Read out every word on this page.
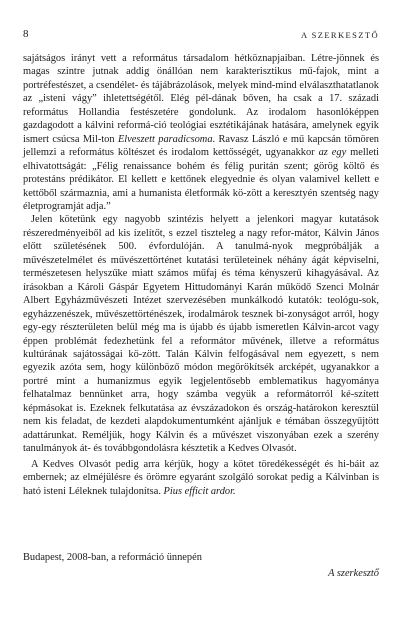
8	A SZERKESZTŐ

sajátságos irányt vett a református társadalom hétköznapjaiban. Létre-jönnek és magas szintre jutnak addig önállóan nem karakterisztikus mű-fajok, mint a portréfestészet, a csendélet- és tájábrázolások, melyek mind-mind elválaszthatatlanok az „isteni vágy” ihletettségétől. Elég pél-dának bőven, ha csak a 17. századi református Hollandia festészetére gondolunk. Az irodalom hasonlóképpen gazdagodott a kálvini reformá-ció teológiai esztétikájának hatására, amelynek egyik ismert csúcsa Mil-ton Elveszett paradicsoma. Ravasz László e mű kapcsán tömören jellemzi a református költészet és irodalom kettősségét, ugyanakkor az egy melleti elhivatottságát: „Félig renaissance bohém és félig puritán szent; görög költő és protestáns prédikátor. El kellett e kettőnek elegyednie és olyan valamivel kellett e kettőből származnia, ami a humanista életformák kö-zött a keresztyén szentség nagy életprogramját adja.”

Jelen kötetünk egy nagyobb szintézis helyett a jelenkori magyar kutatások részeredményeiből ad kis ízelítőt, s ezzel tiszteleg a nagy refor-mátor, Kálvin János előtt születésének 500. évfordulóján. A tanulmá-nyok megpróbálják a művészetelmélet és művészettörténet kutatási területeinek néhány ágát képviselni, természetesen helyszűke miatt számos műfaj és téma kényszerű kihagyásával. Az írásokban a Károli Gáspár Egyetem Hittudományi Karán működő Szenci Molnár Albert Egyházművészeti Intézet szervezésében munkálkodó kutatók: teológu-sok, egyházzenészek, művészettörténészek, irodalmárok tesznek bi-zonyságot arról, hogy egy-egy részterületen belül még ma is újabb és újabb ismeretlen Kálvin-arcot vagy éppen problémát fedezhetünk fel a reformátor művének, illetve a református kultúrának sajátosságai kö-zött. Talán Kálvin felfogásával nem egyezett, s nem egyezik azóta sem, hogy különböző módon megörökítsék arcképét, ugyanakkor a portré mint a humanizmus egyik legjelentősebb emblematikus hagyománya felhatalmaz bennünket arra, hogy számba vegyük a reformátorról ké-szített képmásokat is. Ezeknek felkutatása az évszázadokon és ország-határokon keresztül nem kis feladat, de kezdeti alapdokumentumként ajánljuk e témában összegyűjtött adattárunkat. Reméljük, hogy Kálvin és a művészet viszonyában ezek a szerény tanulmányok át- és továbbgondolásra késztetik a Kedves Olvasót.

A Kedves Olvasót pedig arra kérjük, hogy a kötet töredékességét és hi-báit az embernek; az elméjülésre és örömre egyaránt szolgáló sorokat pedig a Kálvinban is ható isteni Léleknek tulajdonítsa. Pius efficit ardor.

Budapest, 2008-ban, a reformáció ünnepén
A szerkesztő
